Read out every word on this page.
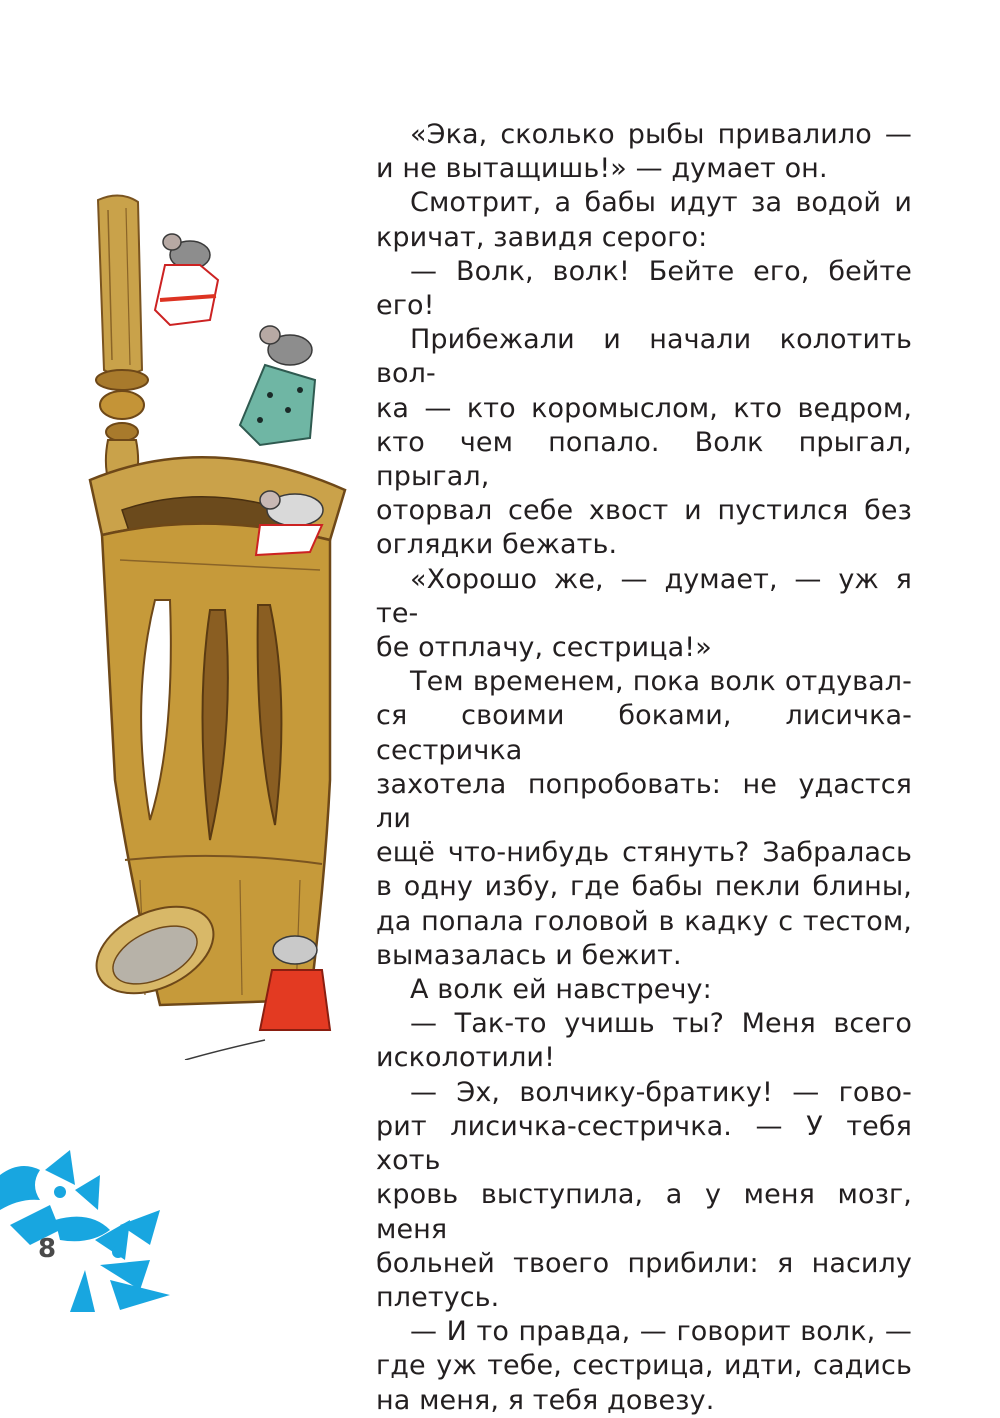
«Эка, сколько рыбы привалило —

и не вытащишь!» — думает он.

Смотрит, а бабы идут за водой и

кричат, завидя серого:

— Волк, волк! Бейте его, бейте

его!

Прибежали и начали колотить вол-

ка — кто коромыслом, кто ведром,

кто чем попало. Волк прыгал, прыгал,

оторвал себе хвост и пустился без

оглядки бежать.

«Хорошо же, — думает, — уж я те-

бе отплачу, сестрица!»

Тем временем, пока волк отдувал-

ся своими боками, лисичка-сестричка

захотела попробовать: не удастся ли

ещё что-нибудь стянуть? Забралась

в одну избу, где бабы пекли блины,

да попала головой в кадку с тестом,

вымазалась и бежит.

А волк ей навстречу:

— Так-то учишь ты? Меня всего

исколотили!

— Эх, волчику-братику! — гово-

рит лисичка-сестричка. — У тебя хоть

кровь выступила, а у меня мозг, меня

больней твоего прибили: я насилу

плетусь.

— И то правда, — говорит волк, —

где уж тебе, сестрица, идти, садись

на меня, я тебя довезу.

8
